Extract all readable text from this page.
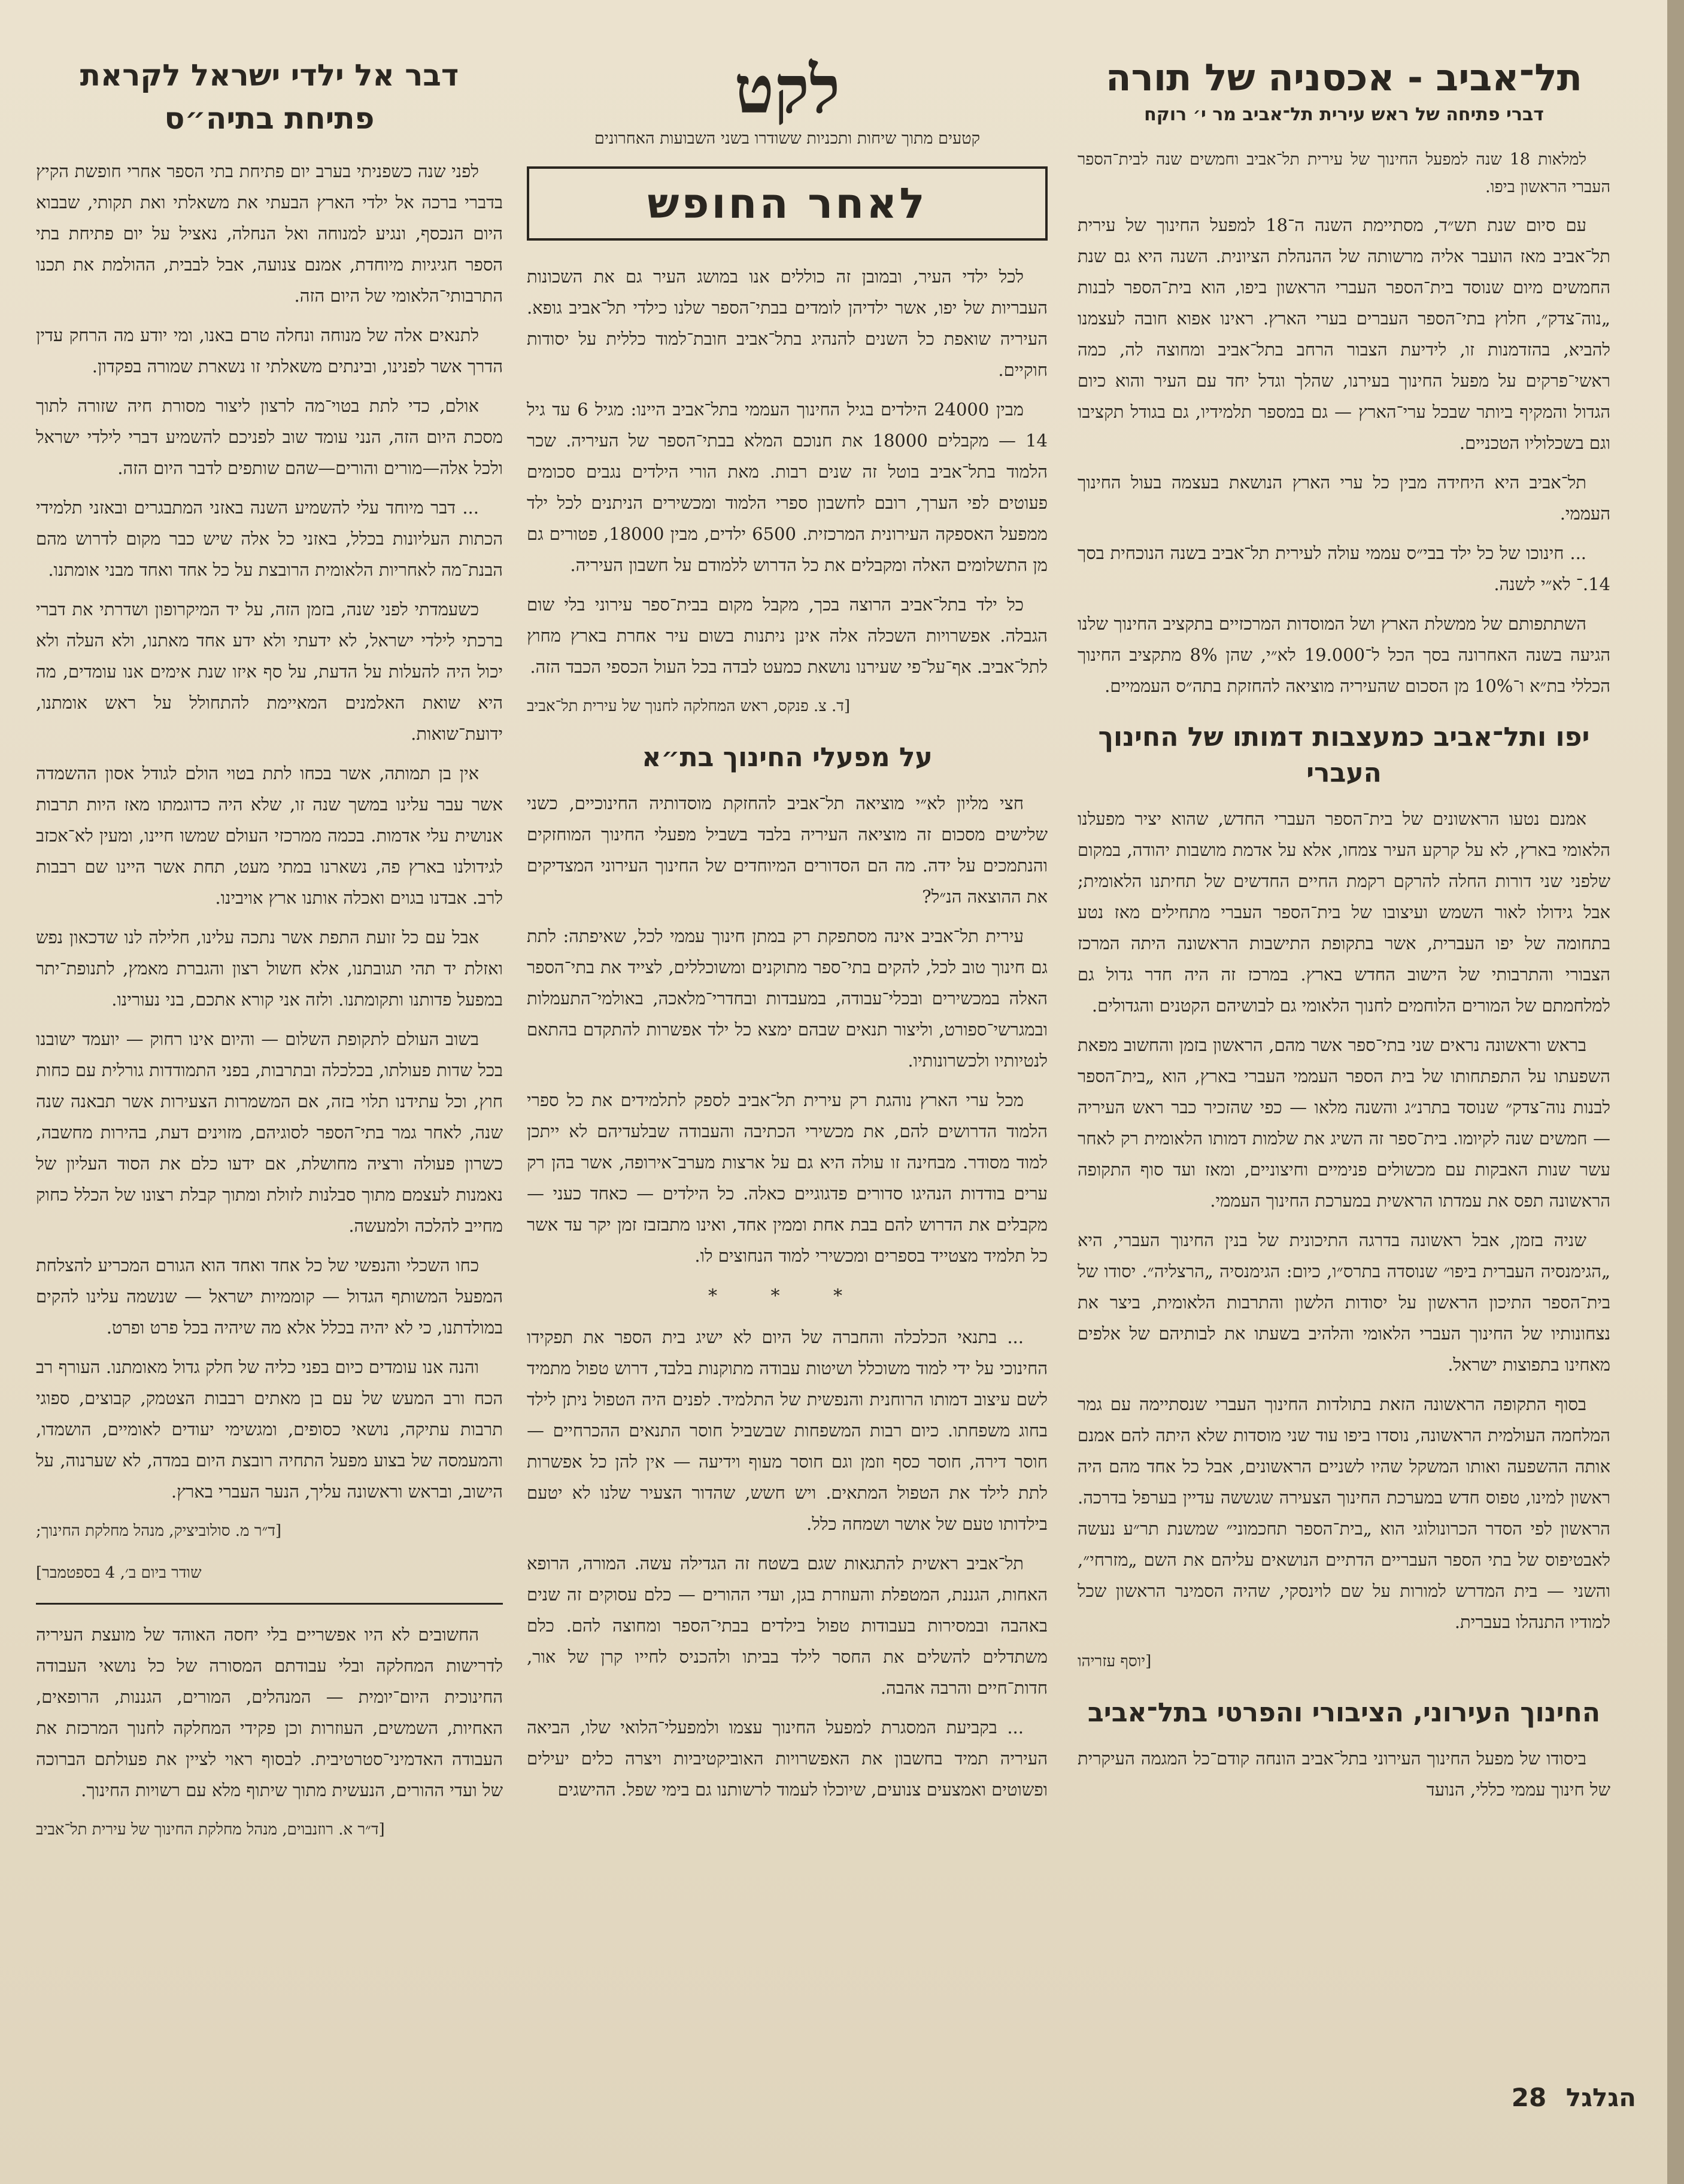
תל־אביב - אכסניה של תורה
דברי פתיחה של ראש עירית תל־אביב מר י׳ רוקח

למלאות 18 שנה למפעל החינוך של עירית תל־אביב וחמשים שנה לבית־הספר העברי הראשון ביפו.

עם סיום שנת תש״ד, מסתיימת השנה ה־18 למפעל החינוך של עירית תל־אביב מאז הועבר אליה מרשותה של ההנהלת הציונית. השנה היא גם שנת החמשים מיום שנוסד בית־הספר העברי הראשון ביפו, הוא בית־הספר לבנות „נוה־צדק״, חלוץ בתי־הספר העברים בערי הארץ. ראינו אפוא חובה לעצמנו להביא, בהזדמנות זו, לידיעת הצבור הרחב בתל־אביב ומחוצה לה, כמה ראשי־פרקים על מפעל החינוך בעירנו, שהלך וגדל יחד עם העיר והוא כיום הגדול והמקיף ביותר שבכל ערי־הארץ — גם במספר תלמידיו, גם בגודל תקציבו וגם בשכלוליו הטכניים.

תל־אביב היא היחידה מבין כל ערי הארץ הנושאת בעצמה בעול החינוך העממי.

... חינוכו של כל ילד בבי״ס עממי עולה לעירית תל־אביב בשנה הנוכחית בסך 14.־ לא״י לשנה.

השתתפותם של ממשלת הארץ ושל המוסדות המרכזיים בתקציב החינוך שלנו הגיעה בשנה האחרונה בסך הכל ל־19.000 לא״י, שהן 8% מתקציב החינוך הכללי בת״א ו־10% מן הסכום שהעיריה מוציאה להחזקת בתה״ס העממיים.

יפו ותל־אביב כמעצבות דמותו של החינוך העברי

אמנם נטעו הראשונים של בית־הספר העברי החדש, שהוא יציר מפעלנו הלאומי בארץ, לא על קרקע העיר צמחו, אלא על אדמת מושבות יהודה, במקום שלפני שני דורות החלה להרקם רקמת החיים החדשים של תחיתנו הלאומית; אבל גידולו לאור השמש ועיצובו של בית־הספר העברי מתחילים מאז נטע בתחומה של יפו העברית, אשר בתקופת התישבות הראשונה היתה המרכז הצבורי והתרבותי של הישוב החדש בארץ. במרכז זה היה חדר גדול גם למלחמתם של המורים הלוחמים לחנוך הלאומי גם לבושיהם הקטנים והגדולים.

בראש וראשונה נראים שני בתי־ספר אשר מהם, הראשון בזמן והחשוב מפאת השפעתו על התפתחותו של בית הספר העממי העברי בארץ, הוא „בית־הספר לבנות נוה־צדק״ שנוסד בתרנ״ג והשנה מלאו — כפי שהזכיר כבר ראש העיריה — חמשים שנה לקיומו. בית־ספר זה השיג את שלמות דמותו הלאומית רק לאחר עשר שנות האבקות עם מכשולים פנימיים וחיצוניים, ומאז ועד סוף התקופה הראשונה תפס את עמדתו הראשית במערכת החינוך העממי.

שניה בזמן, אבל ראשונה בדרגה התיכונית של בנין החינוך העברי, היא „הגימנסיה העברית ביפו״ שנוסדה בתרס״ו, כיום: הגימנסיה „הרצליה״. יסודו של בית־הספר התיכון הראשון על יסודות הלשון והתרבות הלאומית, ביצר את נצחונותיו של החינוך העברי הלאומי והלהיב בשעתו את לבותיהם של אלפים מאחינו בתפוצות ישראל.

בסוף התקופה הראשונה הזאת בתולדות החינוך העברי שנסתיימה עם גמר המלחמה העולמית הראשונה, נוסדו ביפו עוד שני מוסדות שלא היתה להם אמנם אותה ההשפעה ואותו המשקל שהיו לשניים הראשונים, אבל כל אחד מהם היה ראשון למינו, טפוס חדש במערכת החינוך הצעירה שגששה עדיין בערפל בדרכה. הראשון לפי הסדר הכרונולוגי הוא „בית־הספר תחכמוני״ שמשנת תר״ע נעשה לאבטיפוס של בתי הספר העבריים הדתיים הנושאים עליהם את השם „מזרחי״, והשני — בית המדרש למורות על שם לוינסקי, שהיה הסמינר הראשון שכל למודיו התנהלו בעברית.

[יוסף עזריהו
החינוך העירוני, הציבורי והפרטי בתל־אביב

ביסודו של מפעל החינוך העירוני בתל־אביב הונחה קודם־כל המגמה העיקרית של חינוך עממי כללי, הנועד

לקט
קטעים מתוך שיחות ותכניות ששודרו בשני השבועות האחרונים
לאחר החופש

לכל ילדי העיר, ובמובן זה כוללים אנו במושג העיר גם את השכונות העבריות של יפו, אשר ילדיהן לומדים בבתי־הספר שלנו כילדי תל־אביב גופא. העיריה שואפת כל השנים להנהיג בתל־אביב חובת־למוד כללית על יסודות חוקיים.

מבין 24000 הילדים בגיל החינוך העממי בתל־אביב היינו: מגיל 6 עד גיל 14 — מקבלים 18000 את חנוכם המלא בבתי־הספר של העיריה. שכר הלמוד בתל־אביב בוטל זה שנים רבות. מאת הורי הילדים נגבים סכומים פעוטים לפי הערך, רובם לחשבון ספרי הלמוד ומכשירים הניתנים לכל ילד ממפעל האספקה העירונית המרכזית. 6500 ילדים, מבין 18000, פטורים גם מן התשלומים האלה ומקבלים את כל הדרוש ללמודם על חשבון העיריה.

כל ילד בתל־אביב הרוצה בכך, מקבל מקום בבית־ספר עירוני בלי שום הגבלה. אפשרויות השכלה אלה אינן ניתנות בשום עיר אחרת בארץ מחוץ לתל־אביב. אף־על־פי שעירנו נושאת כמעט לבדה בכל העול הכספי הכבד הזה.

[ד. צ. פנקס, ראש המחלקה לחנוך של עירית תל־אביב
על מפעלי החינוך בת״א

חצי מליון לא״י מוציאה תל־אביב להחזקת מוסדותיה החינוכיים, כשני שלישים מסכום זה מוציאה העיריה בלבד בשביל מפעלי החינוך המוחזקים והנתמכים על ידה. מה הם הסדורים המיוחדים של החינוך העירוני המצדיקים את ההוצאה הנ״ל?

עירית תל־אביב אינה מסתפקת רק במתן חינוך עממי לכל, שאיפתה: לתת גם חינוך טוב לכל, להקים בתי־ספר מתוקנים ומשוכללים, לצייד את בתי־הספר האלה במכשירים ובכלי־עבודה, במעבדות ובחדרי־מלאכה, באולמי־התעמלות ובמגרשי־ספורט, וליצור תנאים שבהם ימצא כל ילד אפשרות להתקדם בהתאם לנטיותיו ולכשרונותיו.

מכל ערי הארץ נוהגת רק עירית תל־אביב לספק לתלמידים את כל ספרי הלמוד הדרושים להם, את מכשירי הכתיבה והעבודה שבלעדיהם לא ייתכן למוד מסודר. מבחינה זו עולה היא גם על ארצות מערב־אירופה, אשר בהן רק ערים בודדות הנהיגו סדורים פדגוגיים כאלה. כל הילדים — כאחד כעני — מקבלים את הדרוש להם בבת אחת וממין אחד, ואינו מתבזבז זמן יקר עד אשר כל תלמיד מצטייד בספרים ומכשירי למוד הנחוצים לו.

* * *

... בתנאי הכלכלה והחברה של היום לא ישיג בית הספר את תפקידו החינוכי על ידי למוד משוכלל ושיטות עבודה מתוקנות בלבד, דרוש טפול מתמיד לשם עיצוב דמותו הרוחנית והנפשית של התלמיד. לפנים היה הטפול ניתן לילד בחוג משפחתו. כיום רבות המשפחות שבשביל חוסר התנאים ההכרחיים — חוסר דירה, חוסר כסף וזמן וגם חוסר מעוף וידיעה — אין להן כל אפשרות לתת לילד את הטפול המתאים. ויש חשש, שהדור הצעיר שלנו לא יטעם בילדותו טעם של אושר ושמחה כלל.

תל־אביב ראשית להתגאות שגם בשטח זה הגדילה עשה. המורה, הרופא האחות, הגננת, המטפלת והעוזרת בגן, ועדי ההורים — כלם עסוקים זה שנים באהבה ובמסירות בעבודות טפול בילדים בבתי־הספר ומחוצה להם. כלם משתדלים להשלים את החסר לילד בביתו ולהכניס לחייו קרן של אור, חדות־חיים והרבה אהבה.

... בקביעת המסגרת למפעל החינוך עצמו ולמפעלי־הלואי שלו, הביאה העיריה תמיד בחשבון את האפשרויות האוביקטיביות ויצרה כלים יעילים ופשוטים ואמצעים צנועים, שיוכלו לעמוד לרשותנו גם בימי שפל. ההישגים

דבר אל ילדי ישראל לקראת פתיחת בתיה״ס

לפני שנה כשפניתי בערב יום פתיחת בתי הספר אחרי חופשת הקיץ בדברי ברכה אל ילדי הארץ הבעתי את משאלתי ואת תקותי, שבבוא היום הנכסף, ונגיע למנוחה ואל הנחלה, נאציל על יום פתיחת בתי הספר חגיגיות מיוחדת, אמנם צנועה, אבל לבבית, ההולמת את תכנו התרבותי־הלאומי של היום הזה.

לתנאים אלה של מנוחה ונחלה טרם באנו, ומי יודע מה הרחק עדין הדרך אשר לפנינו, ובינתים משאלתי זו נשארת שמורה בפקדון.

אולם, כדי לתת בטוי־מה לרצון ליצור מסורת חיה שזורה לתוך מסכת היום הזה, הנני עומד שוב לפניכם להשמיע דברי לילדי ישראל ולכל אלה—מורים והורים—שהם שותפים לדבר היום הזה.

... דבר מיוחד עלי להשמיע השנה באזני המתבגרים ובאזני תלמידי הכתות העליונות בכלל, באזני כל אלה שיש כבר מקום לדרוש מהם הבנת־מה לאחריות הלאומית הרובצת על כל אחד ואחד מבני אומתנו.

כשעמדתי לפני שנה, בזמן הזה, על יד המיקרופון ושדרתי את דברי ברכתי לילדי ישראל, לא ידעתי ולא ידע אחד מאתנו, ולא העלה ולא יכול היה להעלות על הדעת, על סף איזו שנת אימים אנו עומדים, מה היא שואת האלמנים המאיימת להתחולל על ראש אומתנו, ידועת־שואות.

אין בן תמותה, אשר בכחו לתת בטוי הולם לגודל אסון ההשמדה אשר עבר עלינו במשך שנה זו, שלא היה כדוגמתו מאז היות תרבות אנושית עלי אדמות. בכמה ממרכזי העולם שמשו חיינו, ומעין לא־אכזב לגידולנו בארץ פה, נשארנו במתי מעט, תחת אשר היינו שם רבבות לרב. אבדנו בגוים ואכלה אותנו ארץ אויבינו.

אבל עם כל זועת התפת אשר נתכה עלינו, חלילה לנו שדכאון נפש ואזלת יד תהי תגובתנו, אלא חשול רצון והגברת מאמץ, לתנופת־יתר במפעל פדותנו ותקומתנו. ולזה אני קורא אתכם, בני נעורינו.

בשוב העולם לתקופת השלום — והיום אינו רחוק — יועמד ישובנו בכל שדות פעולתו, בכלכלה ובתרבות, בפני התמודדות גורלית עם כחות חוץ, וכל עתידנו תלוי בזה, אם המשמרות הצעירות אשר תבאנה שנה שנה, לאחר גמר בתי־הספר לסוגיהם, מזוינים דעת, בהירות מחשבה, כשרון פעולה ורציה מחושלת, אם ידעו כלם את הסוד העליון של נאמנות לעצמם מתוך סבלנות לזולת ומתוך קבלת רצונו של הכלל כחוק מחייב להלכה ולמעשה.

כחו השכלי והנפשי של כל אחד ואחד הוא הגורם המכריע להצלחת המפעל המשותף הגדול — קוממיות ישראל — שנשמה עלינו להקים במולדתנו, כי לא יהיה בכלל אלא מה שיהיה בכל פרט ופרט.

והנה אנו עומדים כיום בפני כליה של חלק גדול מאומתנו. העורף רב הכח ורב המעש של עם בן מאתים רבבות הצטמק, קבוצים, ספוגי תרבות עתיקה, נושאי כסופים, ומגשימי יעודים לאומיים, הושמדו, והמעמסה של בצוע מפעל התחיה רובצת היום במדה, לא שערנוה, על הישוב, ובראש וראשונה עליך, הנער העברי בארץ.

[ד״ר מ. סולוביציק, מנהל מחלקת החינוך;
שודר ביום ב׳, 4 בספטמבר]

החשובים לא היו אפשריים בלי יחסה האוהד של מועצת העיריה לדרישות המחלקה ובלי עבודתם המסורה של כל נושאי העבודה החינוכית היום־יומית — המנהלים, המורים, הגננות, הרופאים, האחיות, השמשים, העוזרות וכן פקידי המחלקה לחנוך המרכזת את העבודה האדמיני־סטרטיבית. לבסוף ראוי לציין את פעולתם הברוכה של ועדי ההורים, הנעשית מתוך שיתוף מלא עם רשויות החינוך.

[ד״ר א. רוזנבוים, מנהל מחלקת החינוך של עירית תל־אביב
הגלגל 28
